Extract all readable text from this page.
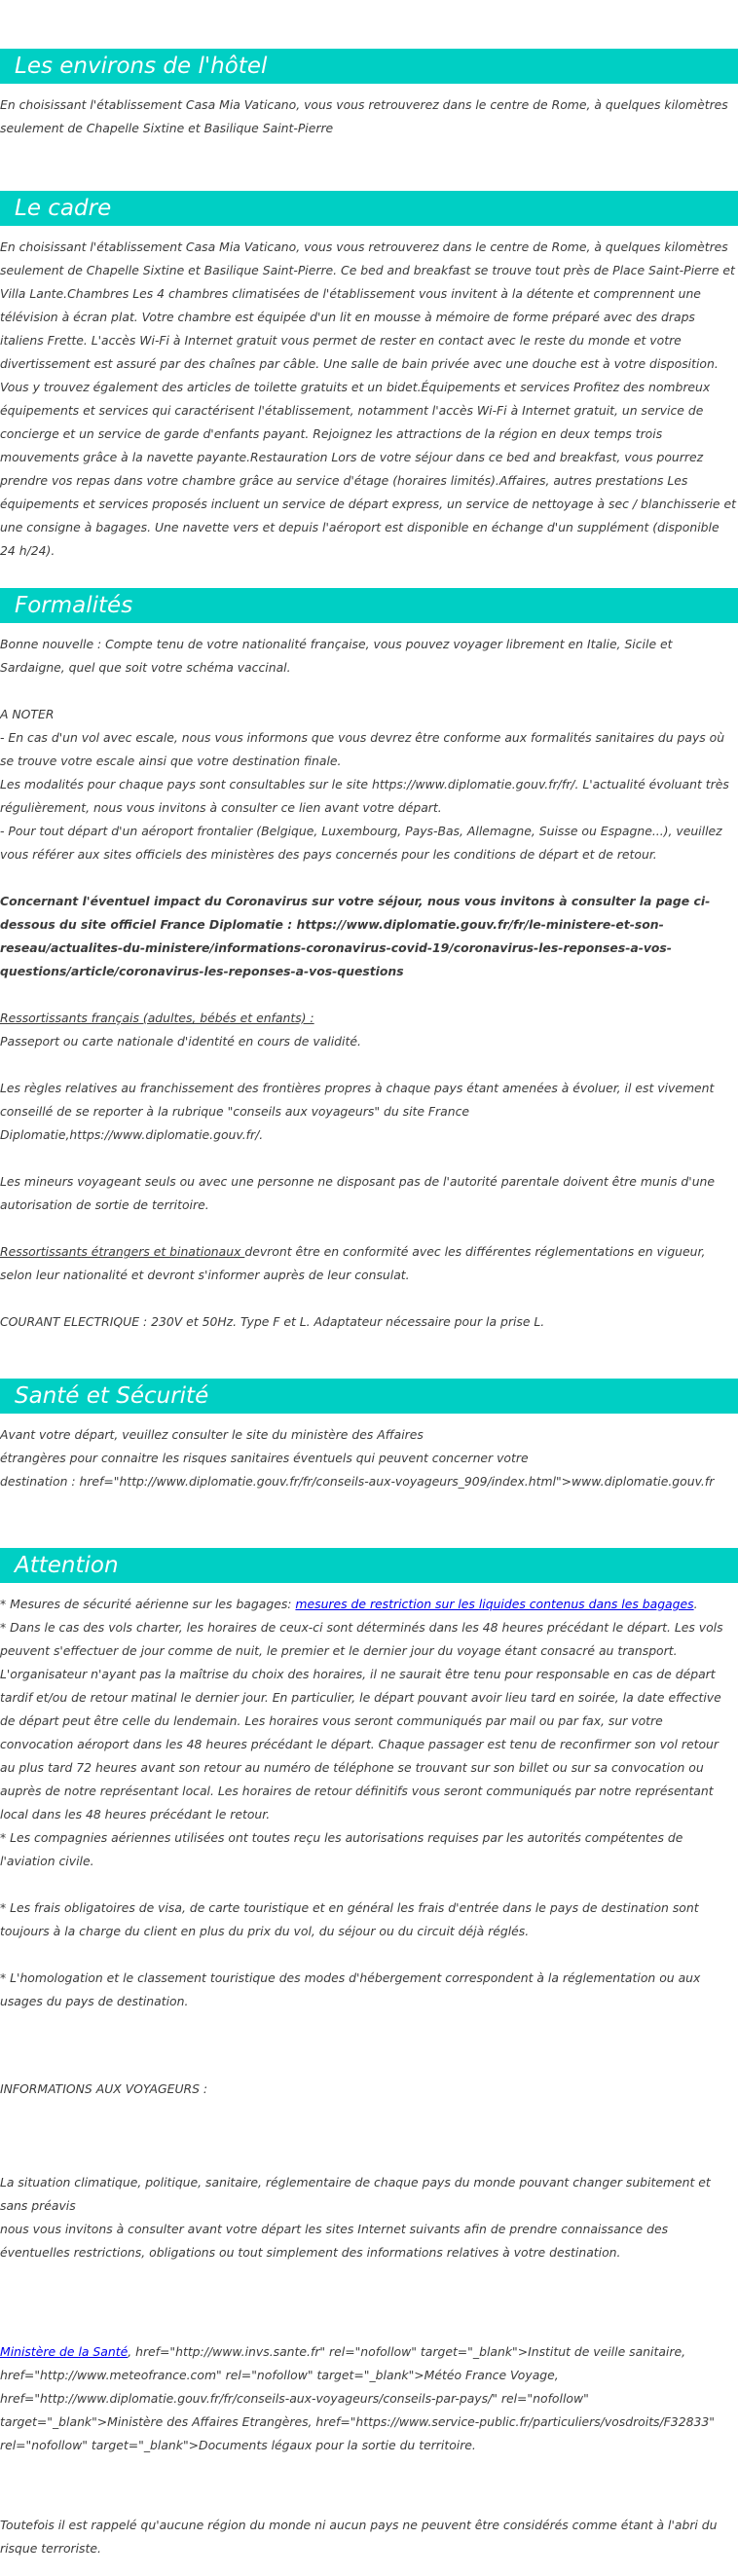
Les environs de l'hôtel

En choisissant l'établissement Casa Mia Vaticano, vous vous retrouverez dans le centre de Rome, à quelques kilomètres seulement de Chapelle Sixtine et Basilique Saint-Pierre

Le cadre

En choisissant l'établissement Casa Mia Vaticano, vous vous retrouverez dans le centre de Rome, à quelques kilomètres seulement de Chapelle Sixtine et Basilique Saint-Pierre. Ce bed and breakfast se trouve tout près de Place Saint-Pierre et Villa Lante.Chambres Les 4 chambres climatisées de l'établissement vous invitent à la détente et comprennent une télévision à écran plat. Votre chambre est équipée d'un lit en mousse à mémoire de forme préparé avec des draps italiens Frette. L'accès Wi-Fi à Internet gratuit vous permet de rester en contact avec le reste du monde et votre divertissement est assuré par des chaînes par câble. Une salle de bain privée avec une douche est à votre disposition. Vous y trouvez également des articles de toilette gratuits et un bidet.Équipements et services Profitez des nombreux équipements et services qui caractérisent l'établissement, notamment l'accès Wi-Fi à Internet gratuit, un service de concierge et un service de garde d'enfants payant. Rejoignez les attractions de la région en deux temps trois mouvements grâce à la navette payante.Restauration Lors de votre séjour dans ce bed and breakfast, vous pourrez prendre vos repas dans votre chambre grâce au service d'étage (horaires limités).Affaires, autres prestations Les équipements et services proposés incluent un service de départ express, un service de nettoyage à sec / blanchisserie et une consigne à bagages. Une navette vers et depuis l'aéroport est disponible en échange d'un supplément (disponible 24 h/24).

Formalités

Bonne nouvelle : Compte tenu de votre nationalité française, vous pouvez voyager librement en Italie, Sicile et Sardaigne, quel que soit votre schéma vaccinal.

A NOTER

- En cas d'un vol avec escale, nous vous informons que vous devrez être conforme aux formalités sanitaires du pays où se trouve votre escale ainsi que votre destination finale.

Les modalités pour chaque pays sont consultables sur le site https://www.diplomatie.gouv.fr/fr/. L'actualité évoluant très régulièrement, nous vous invitons à consulter ce lien avant votre départ.

- Pour tout départ d'un aéroport frontalier (Belgique, Luxembourg, Pays-Bas, Allemagne, Suisse ou Espagne...), veuillez vous référer aux sites officiels des ministères des pays concernés pour les conditions de départ et de retour.

Concernant l'éventuel impact du Coronavirus sur votre séjour, nous vous invitons à consulter la page ci-dessous du site officiel France Diplomatie : https://www.diplomatie.gouv.fr/fr/le-ministere-et-son-reseau/actualites-du-ministere/informations-coronavirus-covid-19/coronavirus-les-reponses-a-vos-questions/article/coronavirus-les-reponses-a-vos-questions

Ressortissants français (adultes, bébés et enfants) :

Passeport ou carte nationale d'identité en cours de validité.

Les règles relatives au franchissement des frontières propres à chaque pays étant amenées à évoluer, il est vivement conseillé de se reporter à la rubrique "conseils aux voyageurs" du site France Diplomatie,https://www.diplomatie.gouv.fr/.

Les mineurs voyageant seuls ou avec une personne ne disposant pas de l'autorité parentale doivent être munis d'une autorisation de sortie de territoire.

Ressortissants étrangers et binationaux devront être en conformité avec les différentes réglementations en vigueur, selon leur nationalité et devront s'informer auprès de leur consulat.

COURANT ELECTRIQUE : 230V et 50Hz. Type F et L. Adaptateur nécessaire pour la prise L.

Santé et Sécurité

Avant votre départ, veuillez consulter le site du ministère des Affaires

étrangères pour connaitre les risques sanitaires éventuels qui peuvent concerner votre

destination : href="http://www.diplomatie.gouv.fr/fr/conseils-aux-voyageurs_909/index.html">www.diplomatie.gouv.fr

Attention

* Mesures de sécurité aérienne sur les bagages: mesures de restriction sur les liquides contenus dans les bagages.

* Dans le cas des vols charter, les horaires de ceux-ci sont déterminés dans les 48 heures précédant le départ. Les vols peuvent s'effectuer de jour comme de nuit, le premier et le dernier jour du voyage étant consacré au transport. L'organisateur n'ayant pas la maîtrise du choix des horaires, il ne saurait être tenu pour responsable en cas de départ tardif et/ou de retour matinal le dernier jour. En particulier, le départ pouvant avoir lieu tard en soirée, la date effective de départ peut être celle du lendemain. Les horaires vous seront communiqués par mail ou par fax, sur votre convocation aéroport dans les 48 heures précédant le départ. Chaque passager est tenu de reconfirmer son vol retour au plus tard 72 heures avant son retour au numéro de téléphone se trouvant sur son billet ou sur sa convocation ou auprès de notre représentant local. Les horaires de retour définitifs vous seront communiqués par notre représentant local dans les 48 heures précédant le retour.

* Les compagnies aériennes utilisées ont toutes reçu les autorisations requises par les autorités compétentes de l'aviation civile.

* Les frais obligatoires de visa, de carte touristique et en général les frais d'entrée dans le pays de destination sont toujours à la charge du client en plus du prix du vol, du séjour ou du circuit déjà réglés.

* L'homologation et le classement touristique des modes d'hébergement correspondent à la réglementation ou aux usages du pays de destination.

INFORMATIONS AUX VOYAGEURS :

La situation climatique, politique, sanitaire, réglementaire de chaque pays du monde pouvant changer subitement et sans préavis

nous vous invitons à consulter avant votre départ les sites Internet suivants afin de prendre connaissance des éventuelles restrictions, obligations ou tout simplement des informations relatives à votre destination.

Ministère de la Santé, href="http://www.invs.sante.fr" rel="nofollow" target="_blank">Institut de veille sanitaire, href="http://www.meteofrance.com" rel="nofollow" target="_blank">Météo France Voyage, href="http://www.diplomatie.gouv.fr/fr/conseils-aux-voyageurs/conseils-par-pays/" rel="nofollow" target="_blank">Ministère des Affaires Etrangères, href="https://www.service-public.fr/particuliers/vosdroits/F32833" rel="nofollow" target="_blank">Documents légaux pour la sortie du territoire.

Toutefois il est rappelé qu'aucune région du monde ni aucun pays ne peuvent être considérés comme étant à l'abri du risque terroriste.
